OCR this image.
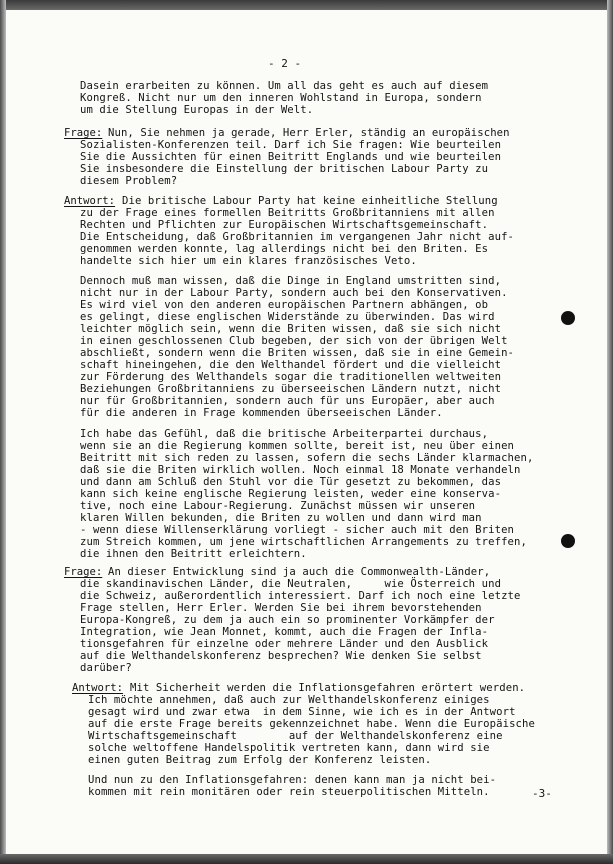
- 2 -
Dasein erarbeiten zu können. Um all das geht es auch auf diesem
Kongreß. Nicht nur um den inneren Wohlstand in Europa, sondern
um die Stellung Europas in der Welt.
Frage: Nun, Sie nehmen ja gerade, Herr Erler, ständig an europäischen
Sozialisten-Konferenzen teil. Darf ich Sie fragen: Wie beurteilen
Sie die Aussichten für einen Beitritt Englands und wie beurteilen
Sie insbesondere die Einstellung der britischen Labour Party zu
diesem Problem?
Antwort: Die britische Labour Party hat keine einheitliche Stellung
zu der Frage eines formellen Beitritts Großbritanniens mit allen
Rechten und Pflichten zur Europäischen Wirtschaftsgemeinschaft.
Die Entscheidung, daß Großbritannien im vergangenen Jahr nicht auf-
genommen werden konnte, lag allerdings nicht bei den Briten. Es
handelte sich hier um ein klares französisches Veto.
Dennoch muß man wissen, daß die Dinge in England umstritten sind,
nicht nur in der Labour Party, sondern auch bei den Konservativen.
Es wird viel von den anderen europäischen Partnern abhängen, ob
es gelingt, diese englischen Widerstände zu überwinden. Das wird
leichter möglich sein, wenn die Briten wissen, daß sie sich nicht
in einen geschlossenen Club begeben, der sich von der übrigen Welt
abschließt, sondern wenn die Briten wissen, daß sie in eine Gemein-
schaft hineingehen, die den Welthandel fördert und die vielleicht
zur Förderung des Welthandels sogar die traditionellen weltweiten
Beziehungen Großbritanniens zu überseeischen Ländern nutzt, nicht
nur für Großbritannien, sondern auch für uns Europäer, aber auch
für die anderen in Frage kommenden überseeischen Länder.
Ich habe das Gefühl, daß die britische Arbeiterpartei durchaus,
wenn sie an die Regierung kommen sollte, bereit ist, neu über einen
Beitritt mit sich reden zu lassen, sofern die sechs Länder klarmachen,
daß sie die Briten wirklich wollen. Noch einmal 18 Monate verhandeln
und dann am Schluß den Stuhl vor die Tür gesetzt zu bekommen, das
kann sich keine englische Regierung leisten, weder eine konserva-
tive, noch eine Labour-Regierung. Zunächst müssen wir unseren
klaren Willen bekunden, die Briten zu wollen und dann wird man
- wenn diese Willenserklärung vorliegt - sicher auch mit den Briten
zum Streich kommen, um jene wirtschaftlichen Arrangements zu treffen,
die ihnen den Beitritt erleichtern.
Frage: An dieser Entwicklung sind ja auch die Commonwealth-Länder,
die skandinavischen Länder, die Neutralen,     wie Österreich und
die Schweiz, außerordentlich interessiert. Darf ich noch eine letzte
Frage stellen, Herr Erler. Werden Sie bei ihrem bevorstehenden
Europa-Kongreß, zu dem ja auch ein so prominenter Vorkämpfer der
Integration, wie Jean Monnet, kommt, auch die Fragen der Infla-
tionsgefahren für einzelne oder mehrere Länder und den Ausblick
auf die Welthandelskonferenz besprechen? Wie denken Sie selbst
darüber?
Antwort: Mit Sicherheit werden die Inflationsgefahren erörtert werden.
Ich möchte annehmen, daß auch zur Welthandelskonferenz einiges
gesagt wird und zwar etwa  in dem Sinne, wie ich es in der Antwort
auf die erste Frage bereits gekennzeichnet habe. Wenn die Europäische
Wirtschaftsgemeinschaft        auf der Welthandelskonferenz eine
solche weltoffene Handelspolitik vertreten kann, dann wird sie
einen guten Beitrag zum Erfolg der Konferenz leisten.
Und nun zu den Inflationsgefahren: denen kann man ja nicht bei-
kommen mit rein monitären oder rein steuerpolitischen Mitteln.	-3-
